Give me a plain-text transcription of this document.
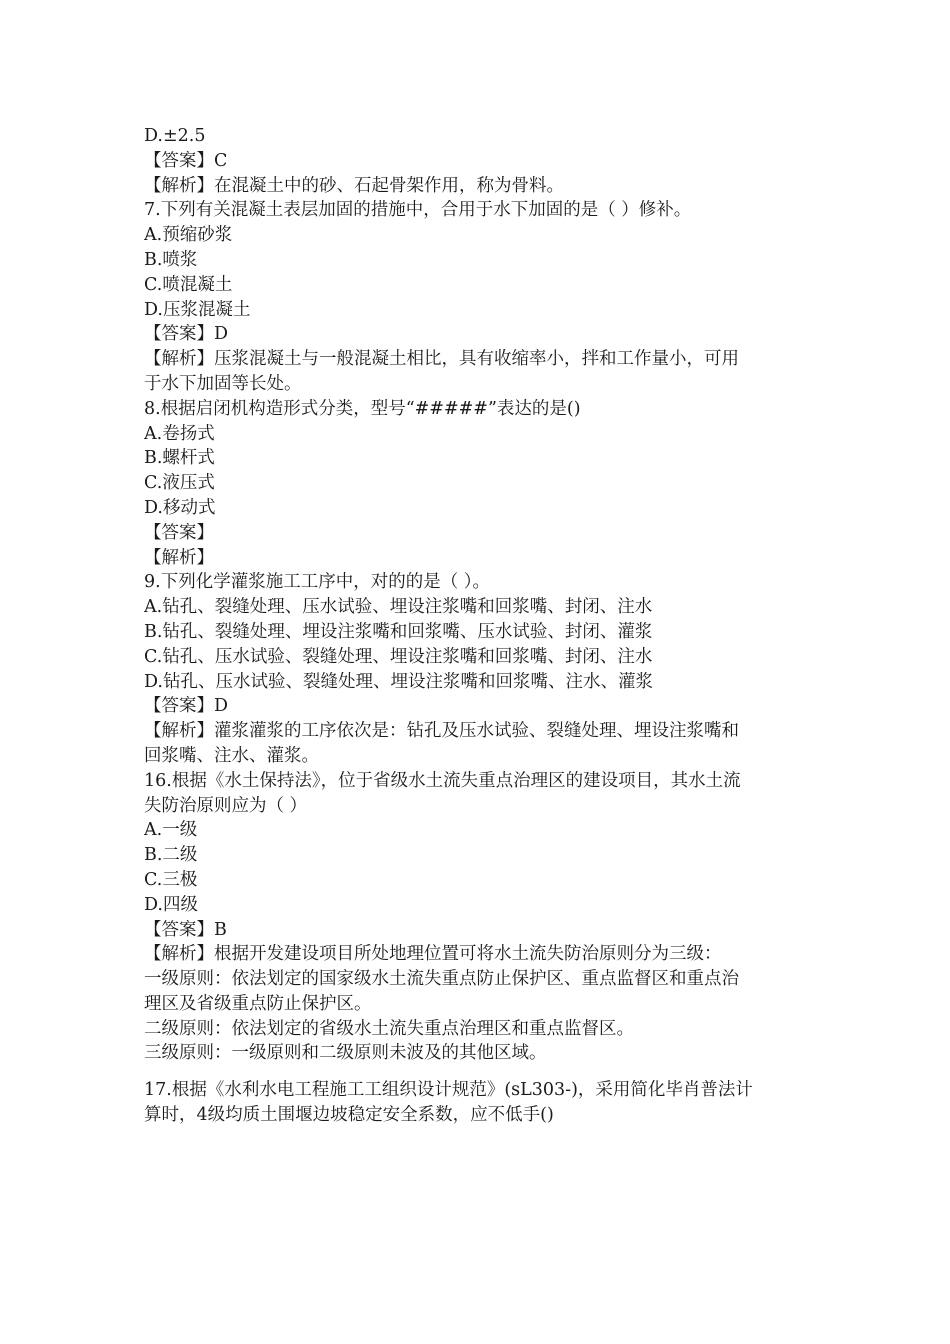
D.±2.5
【答案】C
【解析】在混凝土中的砂、石起骨架作用，称为骨料。
7.下列有关混凝土表层加固的措施中，合用于水下加固的是（ ）修补。
A.预缩砂浆
B.喷浆
C.喷混凝土
D.压浆混凝土
【答案】D
【解析】压浆混凝土与一般混凝土相比，具有收缩率小，拌和工作量小，可用
于水下加固等长处。
8.根据启闭机构造形式分类，型号“#####”表达的是()
A.卷扬式
B.螺杆式
C.液压式
D.移动式
【答案】
【解析】
9.下列化学灌浆施工工序中，对的的是（ ）。
A.钻孔、裂缝处理、压水试验、埋设注浆嘴和回浆嘴、封闭、注水
B.钻孔、裂缝处理、埋设注浆嘴和回浆嘴、压水试验、封闭、灌浆
C.钻孔、压水试验、裂缝处理、埋设注浆嘴和回浆嘴、封闭、注水
D.钻孔、压水试验、裂缝处理、埋设注浆嘴和回浆嘴、注水、灌浆
【答案】D
【解析】灌浆灌浆的工序依次是：钻孔及压水试验、裂缝处理、埋设注浆嘴和
回浆嘴、注水、灌浆。
16.根据《水土保持法》，位于省级水土流失重点治理区的建设项目，其水土流
失防治原则应为（ ）
A.一级
B.二级
C.三极
D.四级
【答案】B
【解析】根据开发建设项目所处地理位置可将水土流失防治原则分为三级：
一级原则：依法划定的国家级水土流失重点防止保护区、重点监督区和重点治
理区及省级重点防止保护区。
二级原则：依法划定的省级水土流失重点治理区和重点监督区。
三级原则：一级原则和二级原则未波及的其他区域。
17.根据《水利水电工程施工工组织设计规范》(sL303-)，采用简化毕肖普法计
算时，4级均质土围堰边坡稳定安全系数，应不低手()
